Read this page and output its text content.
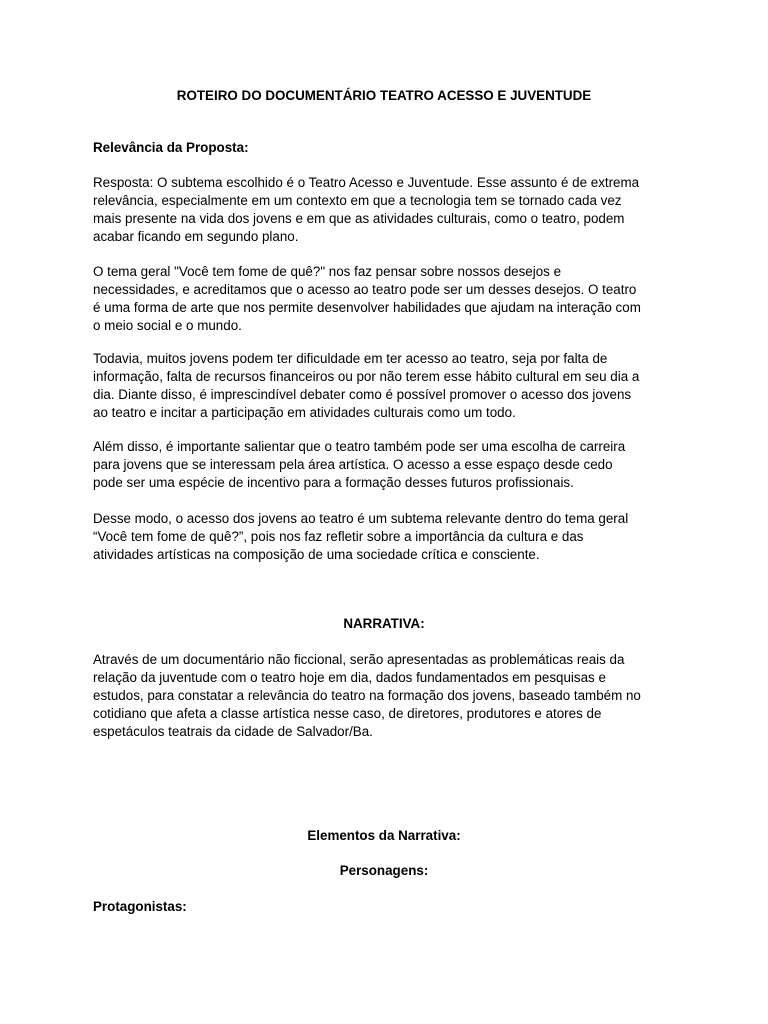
ROTEIRO DO DOCUMENTÁRIO TEATRO ACESSO E JUVENTUDE
Relevância da Proposta:
Resposta: O subtema escolhido é o Teatro Acesso e Juventude. Esse assunto é de extrema
relevância, especialmente em um contexto em que a tecnologia tem se tornado cada vez
mais presente na vida dos jovens e em que as atividades culturais, como o teatro, podem
acabar ficando em segundo plano.
O tema geral "Você tem fome de quê?" nos faz pensar sobre nossos desejos e
necessidades, e acreditamos que o acesso ao teatro pode ser um desses desejos. O teatro
é uma forma de arte que nos permite desenvolver habilidades que ajudam na interação com
o meio social e o mundo.
Todavia, muitos jovens podem ter dificuldade em ter acesso ao teatro, seja por falta de
informação, falta de recursos financeiros ou por não terem esse hábito cultural em seu dia a
dia. Diante disso, é imprescindível debater como é possível promover o acesso dos jovens
ao teatro e incitar a participação em atividades culturais como um todo.
Além disso, é importante salientar que o teatro também pode ser uma escolha de carreira
para jovens que se interessam pela área artística. O acesso a esse espaço desde cedo
pode ser uma espécie de incentivo para a formação desses futuros profissionais.
Desse modo, o acesso dos jovens ao teatro é um subtema relevante dentro do tema geral
“Você tem fome de quê?”, pois nos faz refletir sobre a importância da cultura e das
atividades artísticas na composição de uma sociedade crítica e consciente.
NARRATIVA:
Através de um documentário não ficcional, serão apresentadas as problemáticas reais da
relação da juventude com o teatro hoje em dia, dados fundamentados em pesquisas e
estudos, para constatar a relevância do teatro na formação dos jovens, baseado também no
cotidiano que afeta a classe artística nesse caso, de diretores, produtores e atores de
espetáculos teatrais da cidade de Salvador/Ba.
Elementos da Narrativa:
Personagens:
Protagonistas:
